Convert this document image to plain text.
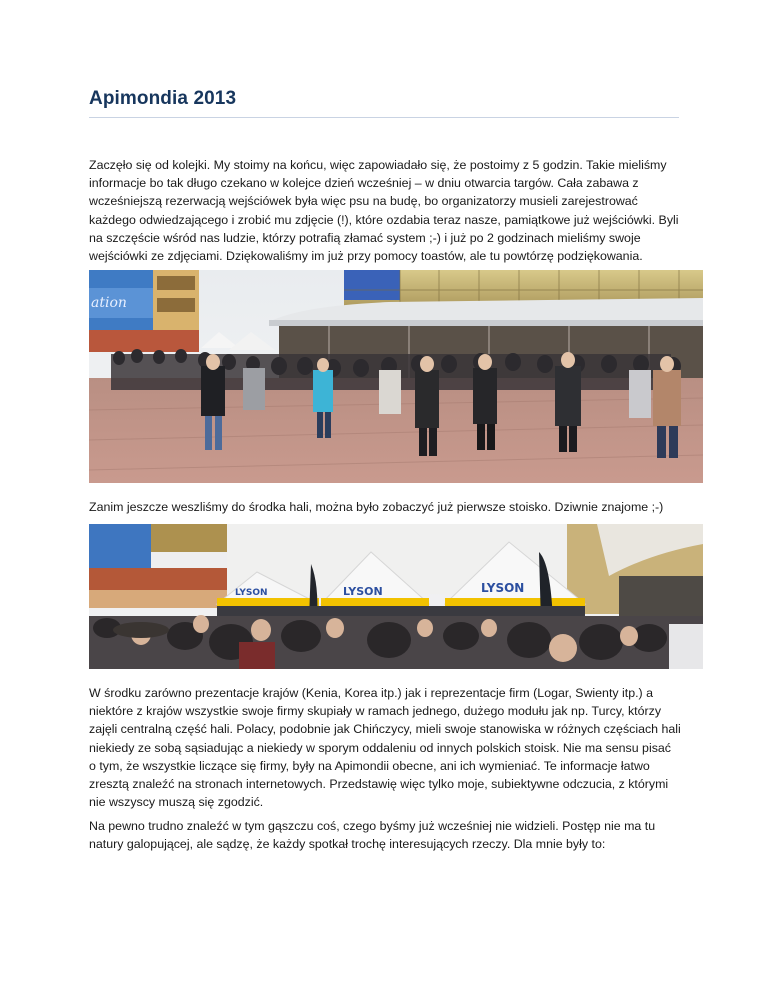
Apimondia 2013

Zaczęło się od kolejki. My stoimy na końcu, więc zapowiadało się, że postoimy z 5 godzin. Takie mieliśmy informacje bo tak długo czekano w kolejce dzień wcześniej – w dniu otwarcia targów. Cała zabawa z wcześniejszą rezerwacją wejściówek była więc psu na budę, bo organizatorzy musieli zarejestrować każdego odwiedzającego i zrobić mu zdjęcie (!), które ozdabia teraz nasze, pamiątkowe już wejściówki. Byli na szczęście wśród nas ludzie, którzy potrafią złamać system ;-) i już po 2 godzinach mieliśmy swoje wejściówki ze zdjęciami. Dziękowaliśmy im już przy pomocy toastów, ale tu powtórzę podziękowania.

ation

Zanim jeszcze weszliśmy do środka hali, można było zobaczyć już pierwsze stoisko. Dziwnie znajome ;-)

LYSON	LYSON	LYSON

W środku zarówno prezentacje krajów (Kenia, Korea itp.) jak i reprezentacje firm (Logar, Swienty itp.) a niektóre z krajów wszystkie swoje firmy skupiały w ramach jednego, dużego modułu jak np. Turcy, którzy zajęli centralną część hali. Polacy, podobnie jak Chińczycy, mieli swoje stanowiska w różnych częściach hali niekiedy ze sobą sąsiadując a niekiedy w sporym oddaleniu od innych polskich stoisk. Nie ma sensu pisać o tym, że wszystkie liczące się firmy, były na Apimondii obecne, ani ich wymieniać. Te informacje łatwo zresztą znaleźć na stronach internetowych. Przedstawię więc tylko moje, subiektywne odczucia, z którymi nie wszyscy muszą się zgodzić.

Na pewno trudno znaleźć w tym gąszczu coś, czego byśmy już wcześniej nie widzieli. Postęp nie ma tu natury galopującej, ale sądzę, że każdy spotkał trochę interesujących rzeczy. Dla mnie były to:
